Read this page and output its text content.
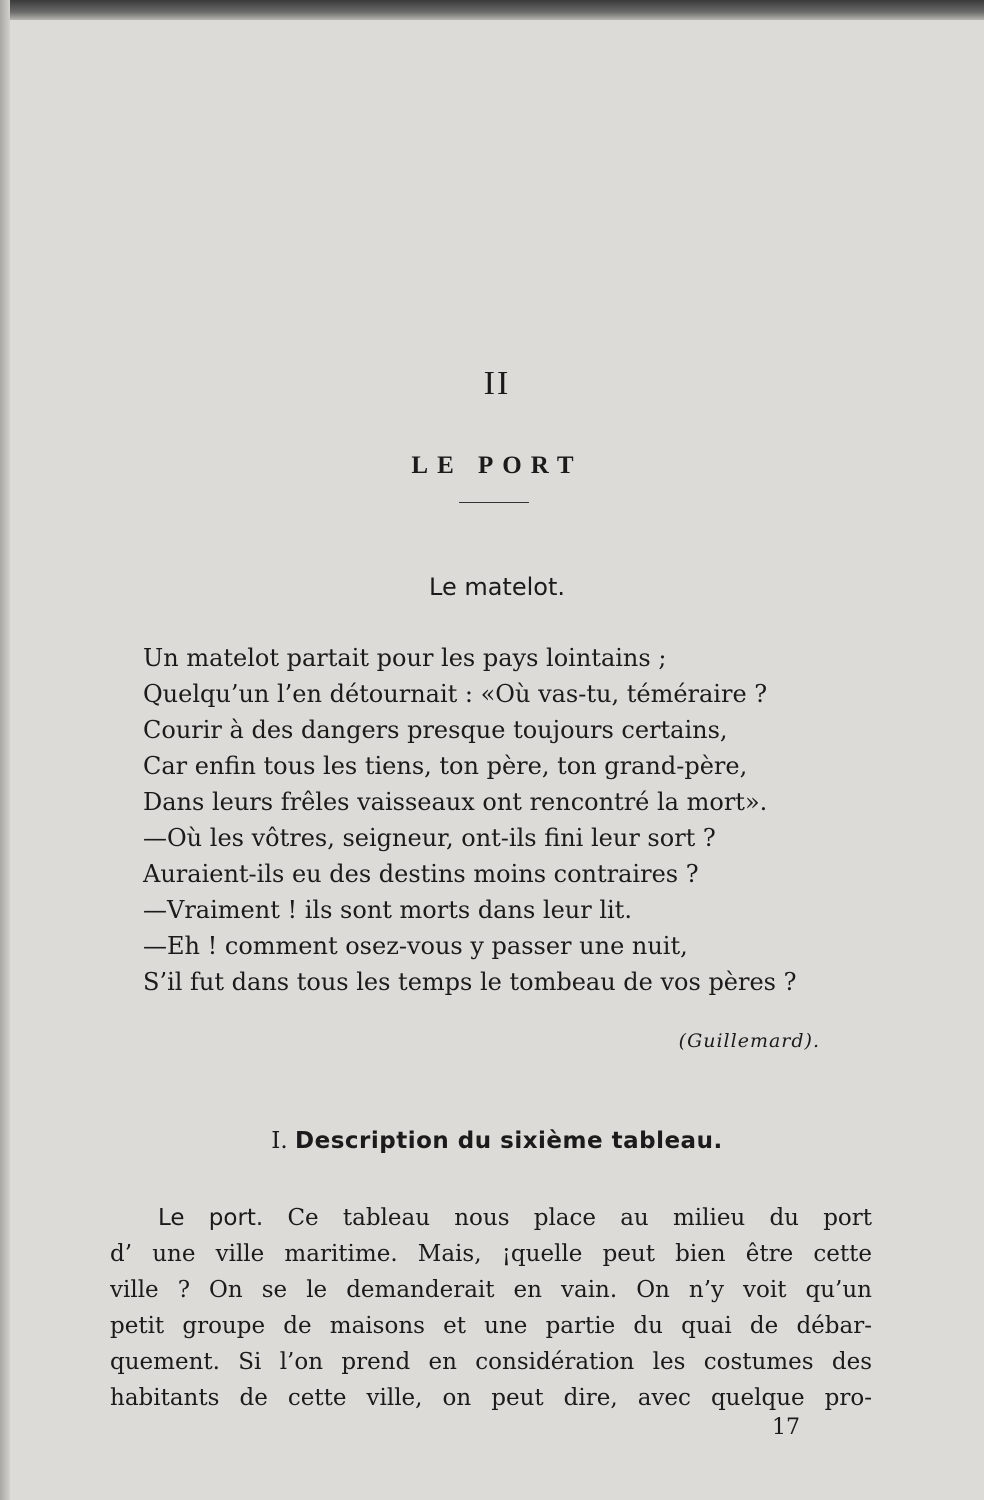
II
LE PORT
Le matelot.
Un matelot partait pour les pays lointains ;
Quelqu’un l’en détournait : «Où vas-tu, téméraire ?
Courir à des dangers presque toujours certains,
Car enfin tous les tiens, ton père, ton grand-père,
Dans leurs frêles vaisseaux ont rencontré la mort».
—Où les vôtres, seigneur, ont-ils fini leur sort ?
Auraient-ils eu des destins moins contraires ?
—Vraiment ! ils sont morts dans leur lit.
—Eh ! comment osez-vous y passer une nuit,
S’il fut dans tous les temps le tombeau de vos pères ?
(Guillemard).
I. Description du sixième tableau.
Le port. Ce tableau nous place au milieu du port
d’ une ville maritime. Mais, ¡quelle peut bien être cette
ville ? On se le demanderait en vain. On n’y voit qu’un
petit groupe de maisons et une partie du quai de débar-
quement. Si l’on prend en considération les costumes des
habitants de cette ville, on peut dire, avec quelque pro-
17
